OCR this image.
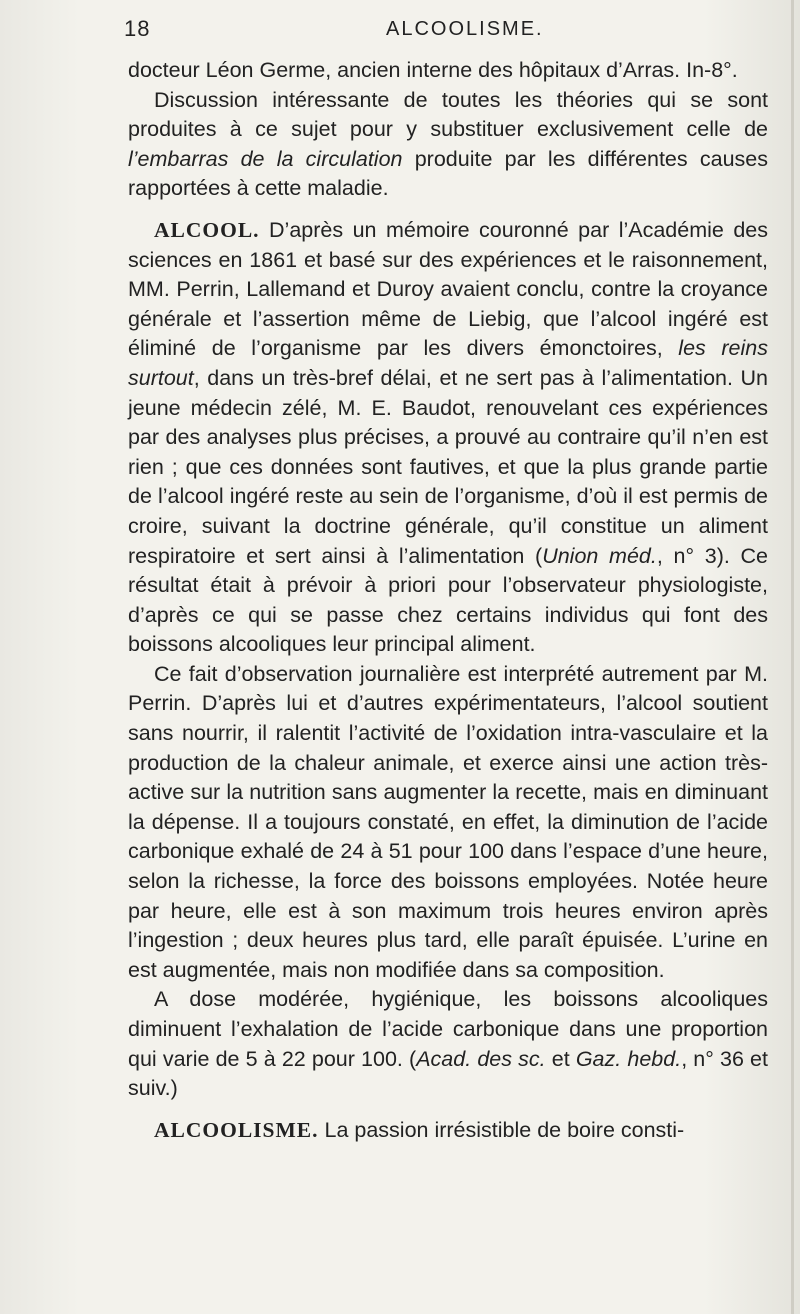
18	ALCOOLISME.

docteur Léon Germe, ancien interne des hôpitaux d’Arras. In-8°.

Discussion intéressante de toutes les théories qui se sont produites à ce sujet pour y substituer exclusivement celle de l’embarras de la circulation produite par les différentes causes rapportées à cette maladie.

ALCOOL. D’après un mémoire couronné par l’Académie des sciences en 1861 et basé sur des expériences et le raisonnement, MM. Perrin, Lallemand et Duroy avaient conclu, contre la croyance générale et l’assertion même de Liebig, que l’alcool ingéré est éliminé de l’organisme par les divers émonctoires, les reins surtout, dans un très-bref délai, et ne sert pas à l’alimentation. Un jeune médecin zélé, M. E. Baudot, renouvelant ces expériences par des analyses plus précises, a prouvé au contraire qu’il n’en est rien ; que ces données sont fautives, et que la plus grande partie de l’alcool ingéré reste au sein de l’organisme, d’où il est permis de croire, suivant la doctrine générale, qu’il constitue un aliment respiratoire et sert ainsi à l’alimentation (Union méd., n° 3). Ce résultat était à prévoir à priori pour l’observateur physiologiste, d’après ce qui se passe chez certains individus qui font des boissons alcooliques leur principal aliment.

Ce fait d’observation journalière est interprété autrement par M. Perrin. D’après lui et d’autres expérimentateurs, l’alcool soutient sans nourrir, il ralentit l’activité de l’oxidation intra-vasculaire et la production de la chaleur animale, et exerce ainsi une action très-active sur la nutrition sans augmenter la recette, mais en diminuant la dépense. Il a toujours constaté, en effet, la diminution de l’acide carbonique exhalé de 24 à 51 pour 100 dans l’espace d’une heure, selon la richesse, la force des boissons employées. Notée heure par heure, elle est à son maximum trois heures environ après l’ingestion ; deux heures plus tard, elle paraît épuisée. L’urine en est augmentée, mais non modifiée dans sa composition.

A dose modérée, hygiénique, les boissons alcooliques diminuent l’exhalation de l’acide carbonique dans une proportion qui varie de 5 à 22 pour 100. (Acad. des sc. et Gaz. hebd., n° 36 et suiv.)

ALCOOLISME. La passion irrésistible de boire consti-
